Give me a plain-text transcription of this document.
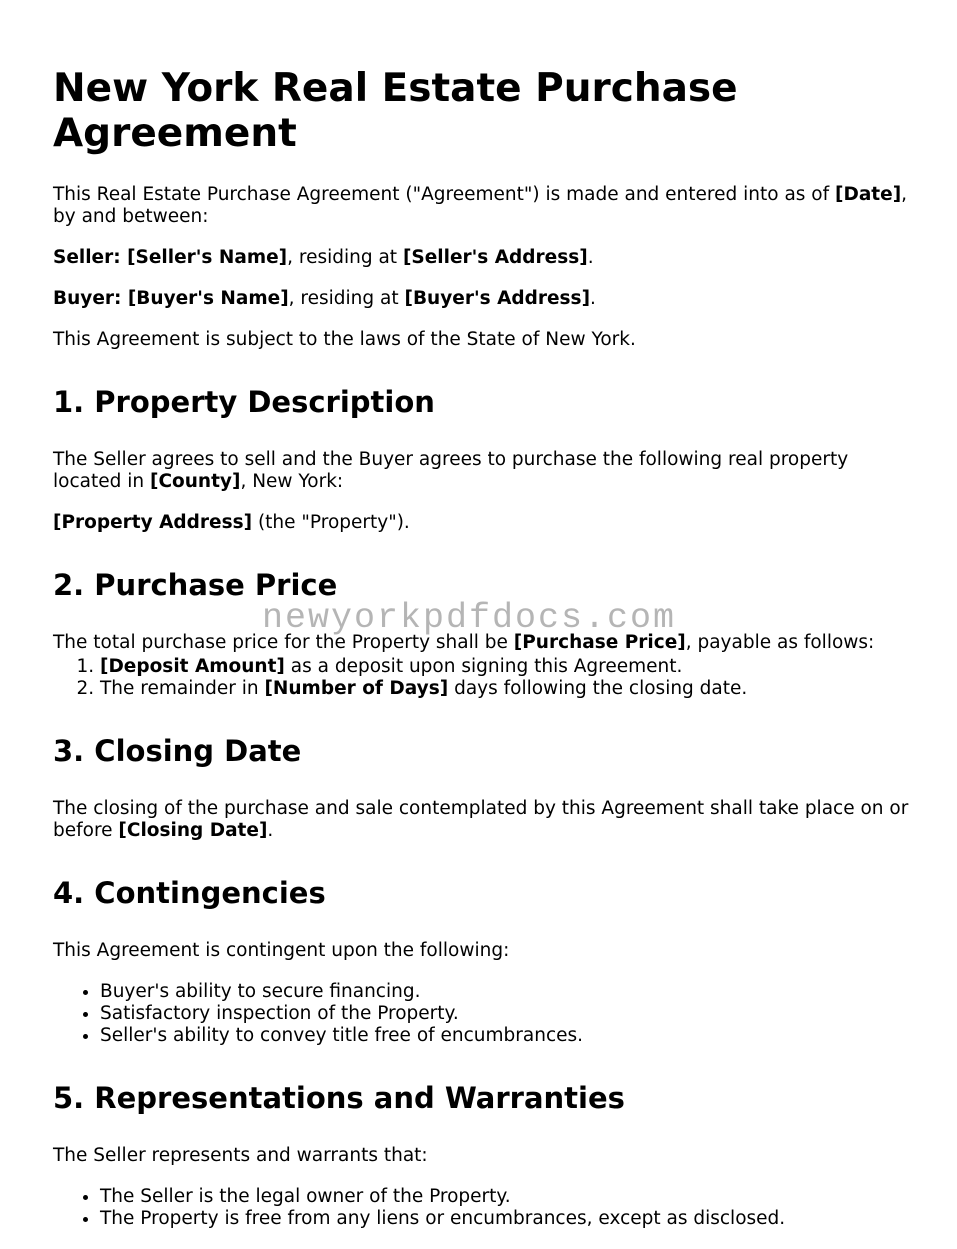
New York Real Estate Purchase Agreement

This Real Estate Purchase Agreement ("Agreement") is made and entered into as of [Date], by and between:

Seller: [Seller's Name], residing at [Seller's Address].

Buyer: [Buyer's Name], residing at [Buyer's Address].

This Agreement is subject to the laws of the State of New York.

1. Property Description

The Seller agrees to sell and the Buyer agrees to purchase the following real property located in [County], New York:

[Property Address] (the "Property").

2. Purchase Price

The total purchase price for the Property shall be [Purchase Price], payable as follows:

1. [Deposit Amount] as a deposit upon signing this Agreement.
2. The remainder in [Number of Days] days following the closing date.
3. Closing Date

The closing of the purchase and sale contemplated by this Agreement shall take place on or before [Closing Date].

4. Contingencies

This Agreement is contingent upon the following:

• Buyer's ability to secure financing.
• Satisfactory inspection of the Property.
• Seller's ability to convey title free of encumbrances.
5. Representations and Warranties

The Seller represents and warrants that:

• The Seller is the legal owner of the Property.
• The Property is free from any liens or encumbrances, except as disclosed.
newyorkpdfdocs.com
